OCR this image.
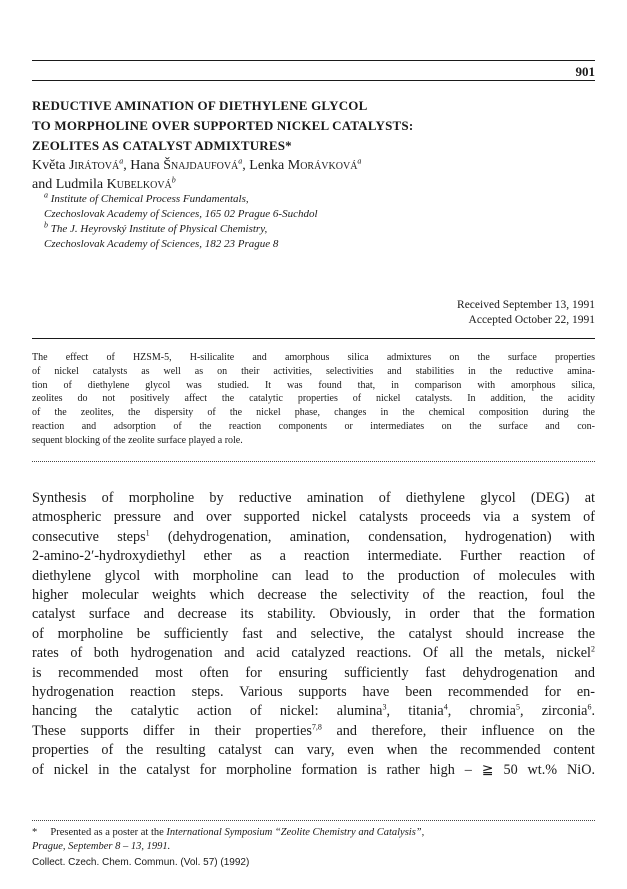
901
REDUCTIVE AMINATION OF DIETHYLENE GLYCOL
TO MORPHOLINE OVER SUPPORTED NICKEL CATALYSTS:
ZEOLITES AS CATALYST ADMIXTURES*
Květa Jirátová$^a$, Hana Šnajdaufová$^a$, Lenka Morávková$^a$
and Ludmila Kubelková$^b$
$^a$ Institute of Chemical Process Fundamentals,
Czechoslovak Academy of Sciences, 165 02 Prague 6-Suchdol
$^b$ The J. Heyrovský Institute of Physical Chemistry,
Czechoslovak Academy of Sciences, 182 23 Prague 8
Received September 13, 1991
Accepted October 22, 1991
The effect of HZSM-5, H-silicalite and amorphous silica admixtures on the surface properties
of nickel catalysts as well as on their activities, selectivities and stabilities in the reductive amina-
tion of diethylene glycol was studied. It was found that, in comparison with amorphous silica,
zeolites do not positively affect the catalytic properties of nickel catalysts. In addition, the acidity
of the zeolites, the dispersity of the nickel phase, changes in the chemical composition during the
reaction and adsorption of the reaction components or intermediates on the surface and con-
sequent blocking of the zeolite surface played a role.
Synthesis of morpholine by reductive amination of diethylene glycol (DEG) at
atmospheric pressure and over supported nickel catalysts proceeds via a system of
consecutive steps$^1$ (dehydrogenation, amination, condensation, hydrogenation) with
2-amino-2′-hydroxydiethyl ether as a reaction intermediate. Further reaction of
diethylene glycol with morpholine can lead to the production of molecules with
higher molecular weights which decrease the selectivity of the reaction, foul the
catalyst surface and decrease its stability. Obviously, in order that the formation
of morpholine be sufficiently fast and selective, the catalyst should increase the
rates of both hydrogenation and acid catalyzed reactions. Of all the metals, nickel$^2$
is recommended most often for ensuring sufficiently fast dehydrogenation and
hydrogenation reaction steps. Various supports have been recommended for en-
hancing the catalytic action of nickel: alumina$^3$, titania$^4$, chromia$^5$, zirconia$^6$.
These supports differ in their properties$^{7,8}$ and therefore, their influence on the
properties of the resulting catalyst can vary, even when the recommended content
of nickel in the catalyst for morpholine formation is rather high – ≧ 50 wt.% NiO.
* Presented as a poster at the International Symposium “Zeolite Chemistry and Catalysis”,
Prague, September 8 – 13, 1991.
Collect. Czech. Chem. Commun. (Vol. 57) (1992)
